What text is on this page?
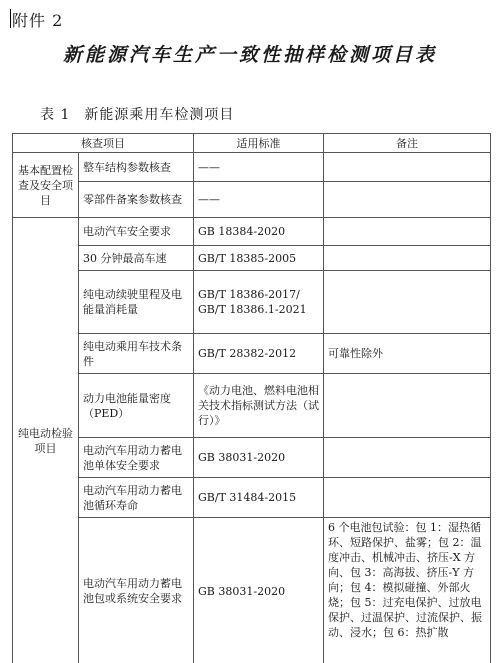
附件 2
新能源汽车生产一致性抽样检测项目表
表 1 新能源乘用车检测项目
核查项目		适用标准	备注
基本配置检查及安全项目	整车结构参数核查	——	
	零部件备案参数核查	——	
纯电动检验项目	电动汽车安全要求	GB 18384-2020	
	30 分钟最高车速	GB/T 18385-2005	
	纯电动续驶里程及电能量消耗量	GB/T 18386-2017/ GB/T 18386.1-2021	
	纯电动乘用车技术条件	GB/T 28382-2012	可靠性除外
	动力电池能量密度（PED）	《动力电池、燃料电池相关技术指标测试方法（试行）》	
	电动汽车用动力蓄电池单体安全要求	GB 38031-2020	
	电动汽车用动力蓄电池循环寿命	GB/T 31484-2015	
	电动汽车用动力蓄电池包或系统安全要求	GB 38031-2020	6 个电池包试验：包 1：湿热循环、短路保护、盐雾；包 2：温度冲击、机械冲击、挤压-X 方向、包 3：高海拔、挤压-Y 方向；包 4：模拟碰撞、外部火烧；包 5：过充电保护、过放电保护、过温保护、过流保护、振动、浸水；包 6：热扩散
